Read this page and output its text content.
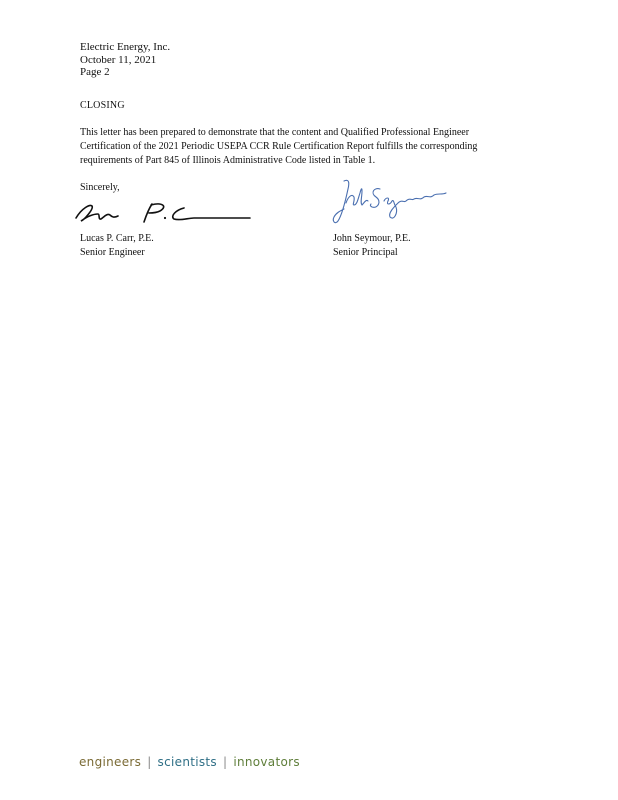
Electric Energy, Inc.
October 11, 2021
Page 2
CLOSING
This letter has been prepared to demonstrate that the content and Qualified Professional Engineer
Certification of the 2021 Periodic USEPA CCR Rule Certification Report fulfills the corresponding
requirements of Part 845 of Illinois Administrative Code listed in Table 1.
Sincerely,
Lucas P. Carr, P.E.
Senior Engineer
John Seymour, P.E.
Senior Principal
engineers | scientists | innovators
